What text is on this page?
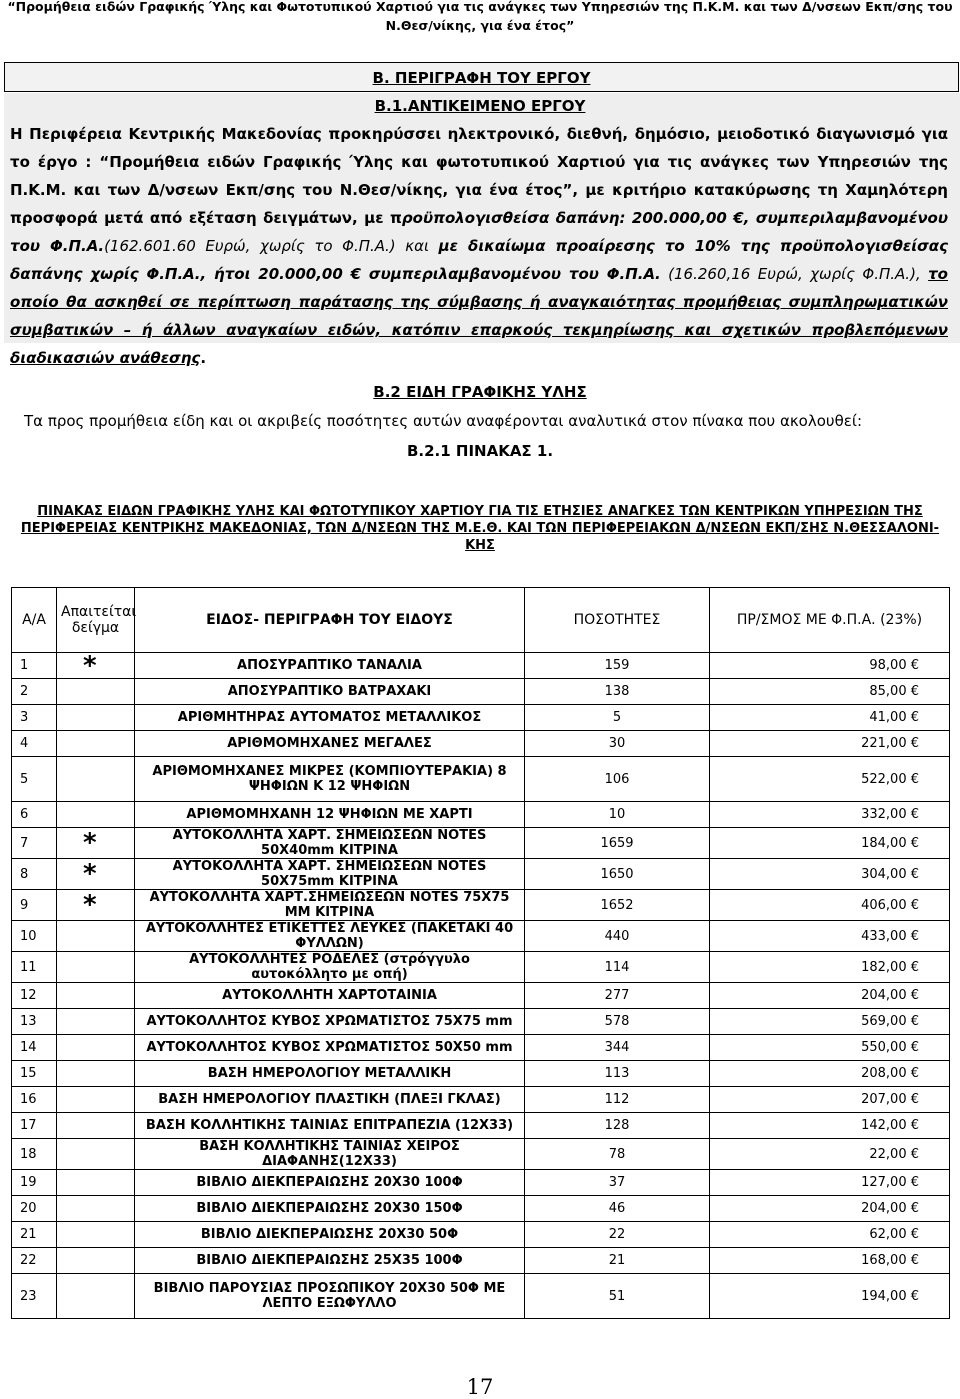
“Προμήθεια ειδών Γραφικής Ύλης και Φωτοτυπικού Χαρτιού για τις ανάγκες των Υπηρεσιών της Π.Κ.Μ. και των Δ/νσεων Εκπ/σης του
Ν.Θεσ/νίκης, για ένα έτος”
Β. ΠΕΡΙΓΡΑΦΗ ΤΟΥ ΕΡΓΟΥ
Β.1.ΑΝΤΙΚΕΙΜΕΝΟ ΕΡΓΟΥ
Η Περιφέρεια Κεντρικής Μακεδονίας προκηρύσσει ηλεκτρονικό, διεθνή, δημόσιο, μειοδοτικό διαγωνισμό για το έργο : “Προμήθεια ειδών Γραφικής Ύλης και φωτοτυπικού Χαρτιού για τις ανάγκες των Υπηρεσιών της Π.Κ.Μ. και των Δ/νσεων Εκπ/σης του Ν.Θεσ/νίκης, για ένα έτος”, με κριτήριο κατακύρωσης τη Χαμηλότερη προσφορά μετά από εξέταση δειγμάτων, με προϋπολογισθείσα δαπάνη: 200.000,00 €, συμπεριλαμβανομένου του Φ.Π.Α.(162.601.60 Ευρώ, χωρίς το Φ.Π.Α.) και με δικαίωμα προαίρεσης το 10% της προϋπολογισθείσας δαπάνης χωρίς Φ.Π.Α., ήτοι 20.000,00 € συμπεριλαμβανομένου του Φ.Π.Α. (16.260,16 Ευρώ, χωρίς Φ.Π.Α.), το οποίο θα ασκηθεί σε περίπτωση παράτασης της σύμβασης ή αναγκαιότητας προμήθειας συμπληρωματικών συμβατικών – ή άλλων αναγκαίων ειδών, κατόπιν επαρκούς τεκμηρίωσης και σχετικών προβλεπόμενων διαδικασιών ανάθεσης.
Β.2 ΕΙΔΗ ΓΡΑΦΙΚΗΣ ΥΛΗΣ
Τα προς προμήθεια είδη και οι ακριβείς ποσότητες αυτών αναφέρονται αναλυτικά στον πίνακα που ακολουθεί:
Β.2.1 ΠΙΝΑΚΑΣ 1.
ΠΙΝΑΚΑΣ ΕΙΔΩΝ ΓΡΑΦΙΚΗΣ ΥΛΗΣ ΚΑΙ ΦΩΤΟΤΥΠΙΚΟΥ ΧΑΡΤΙΟΥ ΓΙΑ ΤΙΣ ΕΤΗΣΙΕΣ ΑΝΑΓΚΕΣ ΤΩΝ ΚΕΝΤΡΙΚΩΝ ΥΠΗΡΕΣΙΩΝ ΤΗΣ ΠΕΡΙΦΕΡΕΙΑΣ ΚΕΝΤΡΙΚΗΣ ΜΑΚΕΔΟΝΙΑΣ, ΤΩΝ Δ/ΝΣΕΩΝ ΤΗΣ Μ.Ε.Θ. ΚΑΙ ΤΩΝ ΠΕΡΙΦΕΡΕΙΑΚΩΝ Δ/ΝΣΕΩΝ ΕΚΠ/ΣΗΣ Ν.ΘΕΣΣΑΛΟΝΙ-ΚΗΣ
Α/Α	Απαιτείται δείγμα	ΕΙΔΟΣ- ΠΕΡΙΓΡΑΦΗ ΤΟΥ ΕΙΔΟΥΣ	ΠΟΣΟΤΗΤΕΣ	ΠΡ/ΣΜΟΣ ΜΕ Φ.Π.Α. (23%)
1	*	ΑΠΟΣΥΡΑΠΤΙΚΟ ΤΑΝΑΛΙΑ	159	98,00 €
2		ΑΠΟΣΥΡΑΠΤΙΚΟ ΒΑΤΡΑΧΑΚΙ	138	85,00 €
3		ΑΡΙΘΜΗΤΗΡΑΣ ΑΥΤΟΜΑΤΟΣ ΜΕΤΑΛΛΙΚΟΣ	5	41,00 €
4		ΑΡΙΘΜΟΜΗΧΑΝΕΣ ΜΕΓΑΛΕΣ	30	221,00 €
5		ΑΡΙΘΜΟΜΗΧΑΝΕΣ ΜΙΚΡΕΣ (ΚΟΜΠΙΟΥΤΕΡΑΚΙΑ) 8 ΨΗΦΙΩΝ Κ 12 ΨΗΦΙΩΝ	106	522,00 €
6		ΑΡΙΘΜΟΜΗΧΑΝΗ 12 ΨΗΦΙΩΝ ΜΕ ΧΑΡΤΙ	10	332,00 €
7	*	ΑΥΤΟΚΟΛΛΗΤΑ ΧΑΡΤ. ΣΗΜΕΙΩΣΕΩΝ NOTES 50Χ40mm ΚΙΤΡΙΝΑ	1659	184,00 €
8	*	ΑΥΤΟΚΟΛΛΗΤΑ ΧΑΡΤ. ΣΗΜΕΙΩΣΕΩΝ NOTES 50Χ75mm ΚΙΤΡΙΝΑ	1650	304,00 €
9	*	ΑΥΤΟΚΟΛΛΗΤΑ ΧΑΡΤ.ΣΗΜΕΙΩΣΕΩΝ NOTES 75Χ75 ΜΜ ΚΙΤΡΙΝΑ	1652	406,00 €
10		ΑΥΤΟΚΟΛΛΗΤΕΣ ΕΤΙΚΕΤΤΕΣ ΛΕΥΚΕΣ (ΠΑΚΕΤΑΚΙ 40 ΦΥΛΛΩΝ)	440	433,00 €
11		ΑΥΤΟΚΟΛΛΗΤΕΣ ΡΟΔΕΛΕΣ (στρόγγυλο αυτοκόλλητο με οπή)	114	182,00 €
12		ΑΥΤΟΚΟΛΛΗΤΗ ΧΑΡΤΟΤΑΙΝΙΑ	277	204,00 €
13		ΑΥΤΟΚΟΛΛΗΤΟΣ ΚΥΒΟΣ ΧΡΩΜΑΤΙΣΤΟΣ 75Χ75 mm	578	569,00 €
14		ΑΥΤΟΚΟΛΛΗΤΟΣ ΚΥΒΟΣ ΧΡΩΜΑΤΙΣΤΟΣ 50Χ50 mm	344	550,00 €
15		ΒΑΣΗ ΗΜΕΡΟΛΟΓΙΟΥ ΜΕΤΑΛΛΙΚΗ	113	208,00 €
16		ΒΑΣΗ ΗΜΕΡΟΛΟΓΙΟΥ ΠΛΑΣΤΙΚΗ (ΠΛΕΞΙ ΓΚΛΑΣ)	112	207,00 €
17		ΒΑΣΗ ΚΟΛΛΗΤΙΚΗΣ ΤΑΙΝΙΑΣ ΕΠΙΤΡΑΠΕΖΙΑ (12Χ33)	128	142,00 €
18		ΒΑΣΗ ΚΟΛΛΗΤΙΚΗΣ ΤΑΙΝΙΑΣ ΧΕΙΡΟΣ ΔΙΑΦΑΝΗΣ(12Χ33)	78	22,00 €
19		ΒΙΒΛΙΟ ΔΙΕΚΠΕΡΑΙΩΣΗΣ 20Χ30 100Φ	37	127,00 €
20		ΒΙΒΛΙΟ ΔΙΕΚΠΕΡΑΙΩΣΗΣ 20Χ30 150Φ	46	204,00 €
21		ΒΙΒΛΙΟ ΔΙΕΚΠΕΡΑΙΩΣΗΣ 20Χ30 50Φ	22	62,00 €
22		ΒΙΒΛΙΟ ΔΙΕΚΠΕΡΑΙΩΣΗΣ 25Χ35 100Φ	21	168,00 €
23		ΒΙΒΛΙΟ ΠΑΡΟΥΣΙΑΣ ΠΡΟΣΩΠΙΚΟΥ 20Χ30 50Φ ΜΕ ΛΕΠΤΟ ΕΞΩΦΥΛΛΟ	51	194,00 €
17
